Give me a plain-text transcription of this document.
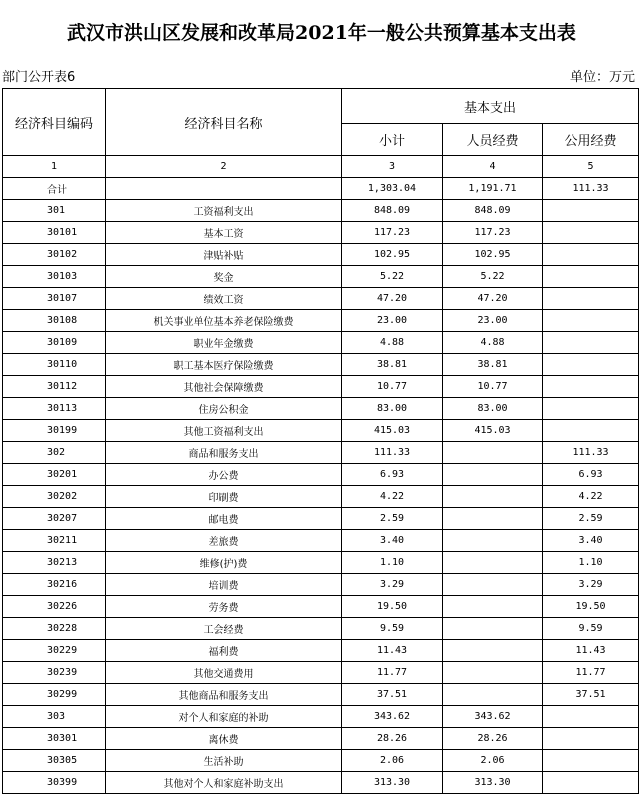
武汉市洪山区发展和改革局2021年一般公共预算基本支出表
部门公开表6	单位：万元
经济科目编码	经济科目名称	基本支出		
		小计	人员经费	公用经费
1	2	3	4	5
合计		1,303.04	1,191.71	111.33
301	工资福利支出	848.09	848.09	
30101	基本工资	117.23	117.23	
30102	津贴补贴	102.95	102.95	
30103	奖金	5.22	5.22	
30107	绩效工资	47.20	47.20	
30108	机关事业单位基本养老保险缴费	23.00	23.00	
30109	职业年金缴费	4.88	4.88	
30110	职工基本医疗保险缴费	38.81	38.81	
30112	其他社会保障缴费	10.77	10.77	
30113	住房公积金	83.00	83.00	
30199	其他工资福利支出	415.03	415.03	
302	商品和服务支出	111.33		111.33
30201	办公费	6.93		6.93
30202	印刷费	4.22		4.22
30207	邮电费	2.59		2.59
30211	差旅费	3.40		3.40
30213	维修(护)费	1.10		1.10
30216	培训费	3.29		3.29
30226	劳务费	19.50		19.50
30228	工会经费	9.59		9.59
30229	福利费	11.43		11.43
30239	其他交通费用	11.77		11.77
30299	其他商品和服务支出	37.51		37.51
303	对个人和家庭的补助	343.62	343.62	
30301	离休费	28.26	28.26	
30305	生活补助	2.06	2.06	
30399	其他对个人和家庭补助支出	313.30	313.30	
